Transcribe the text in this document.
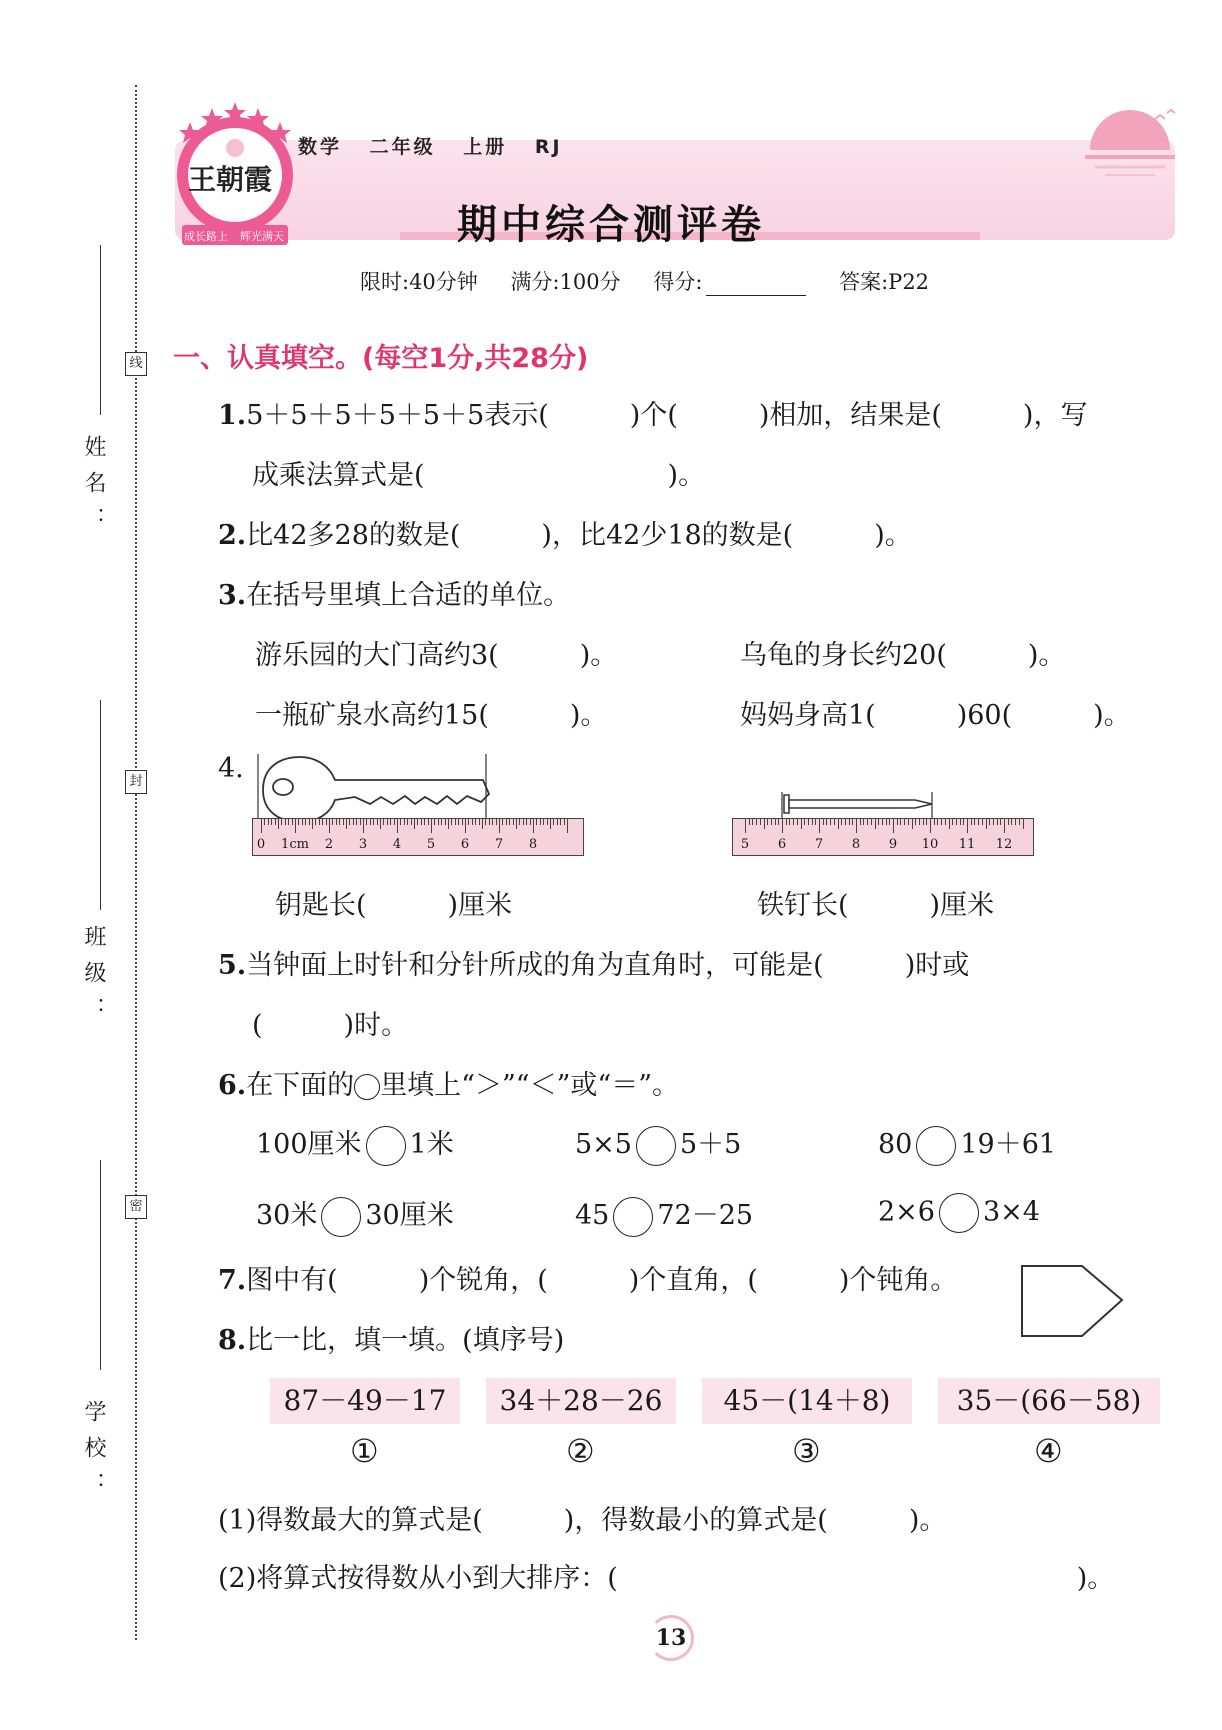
线
封
密
姓名：
班级：
学校：
王朝霞
成长路上 辉光满天
数学 二年级 上册 RJ
期中综合测评卷
限时:40分钟 满分:100分 得分:	答案:P22
一、认真填空。(每空1分,共28分)
1.5＋5＋5＋5＋5＋5表示(　　　)个(　　　)相加，结果是(　　　)，写
成乘法算式是(　　　　　　　　　)。
2.比42多28的数是(　　　)，比42少18的数是(　　　)。
3.在括号里填上合适的单位。
游乐园的大门高约3(　　　)。	乌龟的身长约20(　　　)。
一瓶矿泉水高约15(　　　)。	妈妈身高1(　　　)60(　　　)。
4.
0 1cm 2 3 4 5 6 7 8	5 6 7 8 9 10 11 12
钥匙长(　　　)厘米	铁钉长(　　　)厘米
5.当钟面上时针和分针所成的角为直角时，可能是(　　　)时或
(　　　)时。
6.在下面的 里填上“＞”“＜”或“＝”。
100厘米 1米	5×5 5＋5	80 19＋61
30米 30厘米	45 72－25	2×6 3×4
7.图中有(　　　)个锐角，(　　　)个直角，(　　　)个钝角。
8.比一比，填一填。(填序号)
87－49－17	34＋28－26	45－(14＋8)	35－(66－58)
①	②	③	④
(1)得数最大的算式是(　　　)，得数最小的算式是(　　　)。
(2)将算式按得数从小到大排序：(　　　　　　　　　　　　　　　　　)。
13
